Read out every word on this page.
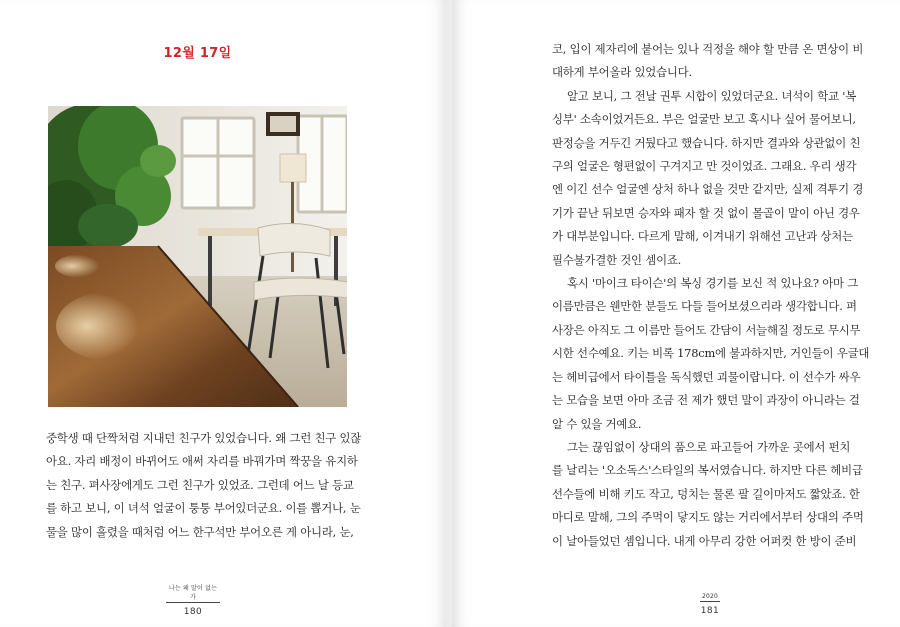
12월 17일

중학생 때 단짝처럼 지내던 친구가 있었습니다. 왜 그런 친구 있잖

아요. 자리 배정이 바뀌어도 애써 자리를 바꿔가며 짝꿍을 유지하

는 친구. 펴사장에게도 그런 친구가 있었죠. 그런데 어느 날 등교

를 하고 보니, 이 녀석 얼굴이 퉁퉁 부어있더군요. 이를 뽑거나, 눈

물을 많이 흘렸을 때처럼 어느 한구석만 부어오른 게 아니라, 눈,

나는 왜 말이 없는가
180

코, 입이 제자리에 붙어는 있나 걱정을 해야 할 만큼 온 면상이 비

대하게 부어올라 있었습니다.

알고 보니, 그 전날 권투 시합이 있었더군요. 녀석이 학교 '복

싱부' 소속이었거든요. 부은 얼굴만 보고 혹시나 싶어 물어보니,

판정승을 거두긴 거뒀다고 했습니다. 하지만 결과와 상관없이 친

구의 얼굴은 형편없이 구겨지고 만 것이었죠. 그래요. 우리 생각

엔 이긴 선수 얼굴엔 상처 하나 없을 것만 같지만, 실제 격투기 경

기가 끝난 뒤보면 승자와 패자 할 것 없이 몰골이 말이 아닌 경우

가 대부분입니다. 다르게 말해, 이겨내기 위해선 고난과 상처는

필수불가결한 것인 셈이죠.

혹시 '마이크 타이슨'의 복싱 경기를 보신 적 있나요? 아마 그

이름만큼은 웬만한 분들도 다들 들어보셨으리라 생각합니다. 펴

사장은 아직도 그 이름만 들어도 간담이 서늘해질 정도로 무시무

시한 선수예요. 키는 비록 178cm에 불과하지만, 거인들이 우글대

는 헤비급에서 타이틀을 독식했던 괴물이랍니다. 이 선수가 싸우

는 모습을 보면 아마 조금 전 제가 했던 말이 과장이 아니라는 걸

알 수 있을 거예요.

그는 끊임없이 상대의 품으로 파고들어 가까운 곳에서 펀치

를 날리는 '오소독스'스타일의 복서였습니다. 하지만 다른 헤비급

선수들에 비해 키도 작고, 덩치는 물론 팔 길이마저도 짧았죠. 한

마디로 말해, 그의 주먹이 닿지도 않는 거리에서부터 상대의 주먹

이 날아들었던 셈입니다. 내게 아무리 강한 어퍼컷 한 방이 준비

2020
181
